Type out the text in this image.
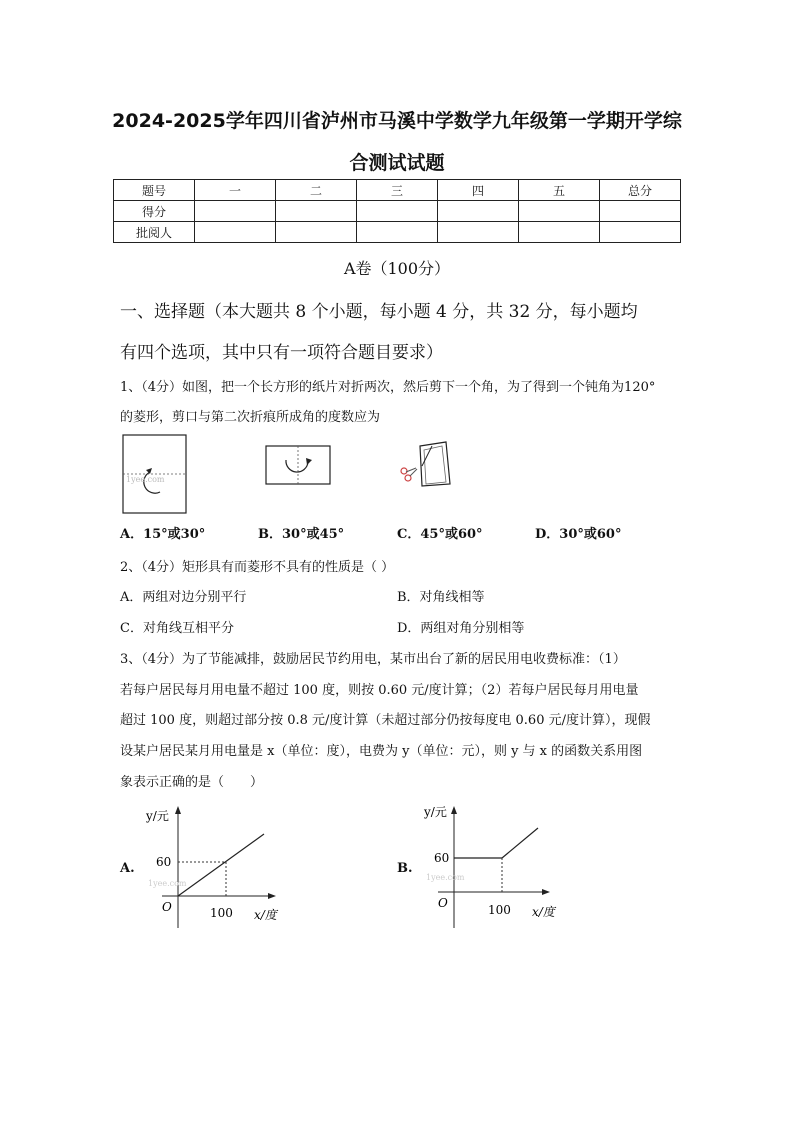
2024-2025学年四川省泸州市马溪中学数学九年级第一学期开学综
合测试试题
题号	一	二	三	四	五	总分
得分						
批阅人						
A卷（100分）
一、选择题（本大题共 8 个小题，每小题 4 分，共 32 分，每小题均
有四个选项，其中只有一项符合题目要求）
1、（4分）如图，把一个长方形的纸片对折两次，然后剪下一个角，为了得到一个钝角为120°
的菱形，剪口与第二次折痕所成角的度数应为
1yee.com
A．15°或30°	B．30°或45°	C．45°或60°	D．30°或60°
2、（4分）矩形具有而菱形不具有的性质是（ ）
A．两组对边分别平行	B．对角线相等
C．对角线互相平分	D．两组对角分别相等
3、（4分）为了节能减排，鼓励居民节约用电，某市出台了新的居民用电收费标准：（1）
若每户居民每月用电量不超过 100 度，则按 0.60 元/度计算；（2）若每户居民每月用电量
超过 100 度，则超过部分按 0.8 元/度计算（未超过部分仍按每度电 0.60 元/度计算），现假
设某户居民某月用电量是 x（单位：度），电费为 y（单位：元），则 y 与 x 的函数关系用图
象表示正确的是（　　）
A.
y/元
60
O	100 x/度
1yee.com
B.
y/元
60
O	100 x/度
1yee.com
